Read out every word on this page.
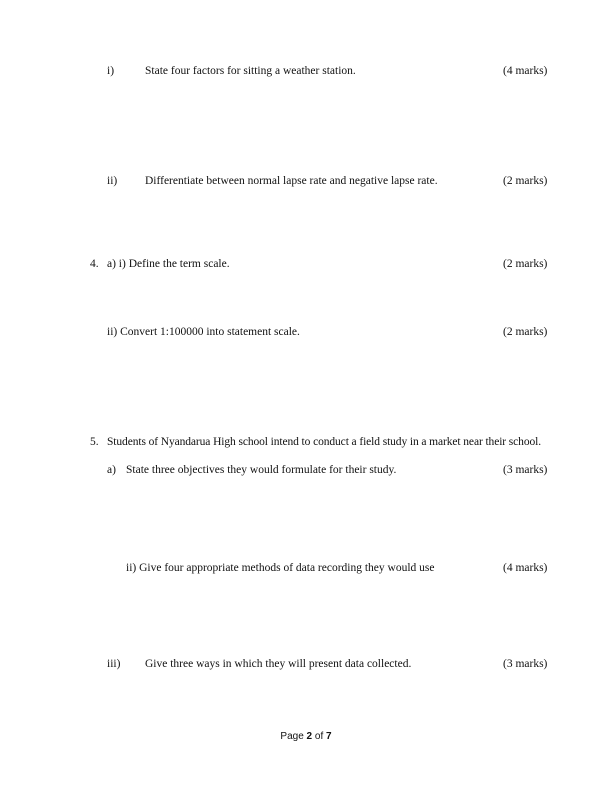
i)	State four factors for sitting a weather station.	(4 marks)
ii) Differentiate between normal lapse rate and negative lapse rate.	(2 marks)
4. a) i) Define the term scale.	(2 marks)
ii) Convert 1:100000 into statement scale.	(2 marks)
5. Students of Nyandarua High school intend to conduct a field study in a market near their school.
a) State three objectives they would formulate for their study.	(3 marks)
ii) Give four appropriate methods of data recording they would use	(4 marks)
iii) Give three ways in which they will present data collected.	(3 marks)
Page 2 of 7
